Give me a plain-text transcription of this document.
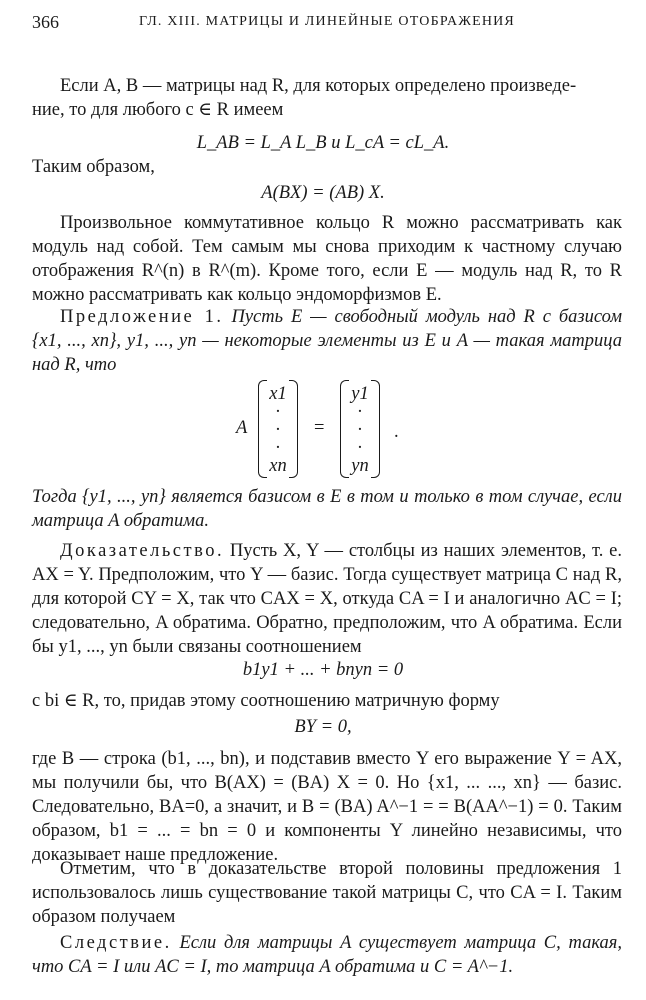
366	ГЛ. XIII. МАТРИЦЫ И ЛИНЕЙНЫЕ ОТОБРАЖЕНИЯ

Если A, B — матрицы над R, для которых определено произведе-

ние, то для любого c ∈ R имеем

L_AB = L_A L_B и L_cA = cL_A.

Таким образом,

A(BX) = (AB) X.

Произвольное коммутативное кольцо R можно рассматривать как модуль над собой. Тем самым мы снова приходим к частному случаю отображения R^(n) в R^(m). Кроме того, если E — модуль над R, то R можно рассматривать как кольцо эндоморфизмов E.

Предложение 1. Пусть E — свободный модуль над R с базисом {x1, ..., xn}, y1, ..., yn — некоторые элементы из E и A — такая матрица над R, что

A
x1
·
·
·
xn
=
y1
·
·
·
yn
.

Тогда {y1, ..., yn} является базисом в E в том и только в том случае, если матрица A обратима.

Доказательство. Пусть X, Y — столбцы из наших элементов, т. е. AX = Y. Предположим, что Y — базис. Тогда существует матрица C над R, для которой CY = X, так что CAX = X, откуда CA = I и аналогично AC = I; следовательно, A обратима. Обратно, предположим, что A обратима. Если бы y1, ..., yn были связаны соотношением

b1y1 + ... + bnyn = 0

с bi ∈ R, то, придав этому соотношению матричную форму

BY = 0,

где B — строка (b1, ..., bn), и подставив вместо Y его выражение Y = AX, мы получили бы, что B(AX) = (BA) X = 0. Но {x1, ... ..., xn} — базис. Следовательно, BA=0, а значит, и B = (BA) A^−1 = = B(AA^−1) = 0. Таким образом, b1 = ... = bn = 0 и компоненты Y линейно независимы, что доказывает наше предложение.

Отметим, что в доказательстве второй половины предложения 1 использовалось лишь существование такой матрицы C, что CA = I. Таким образом получаем

Следствие. Если для матрицы A существует матрица C, такая, что CA = I или AC = I, то матрица A обратима и C = A^−1.
